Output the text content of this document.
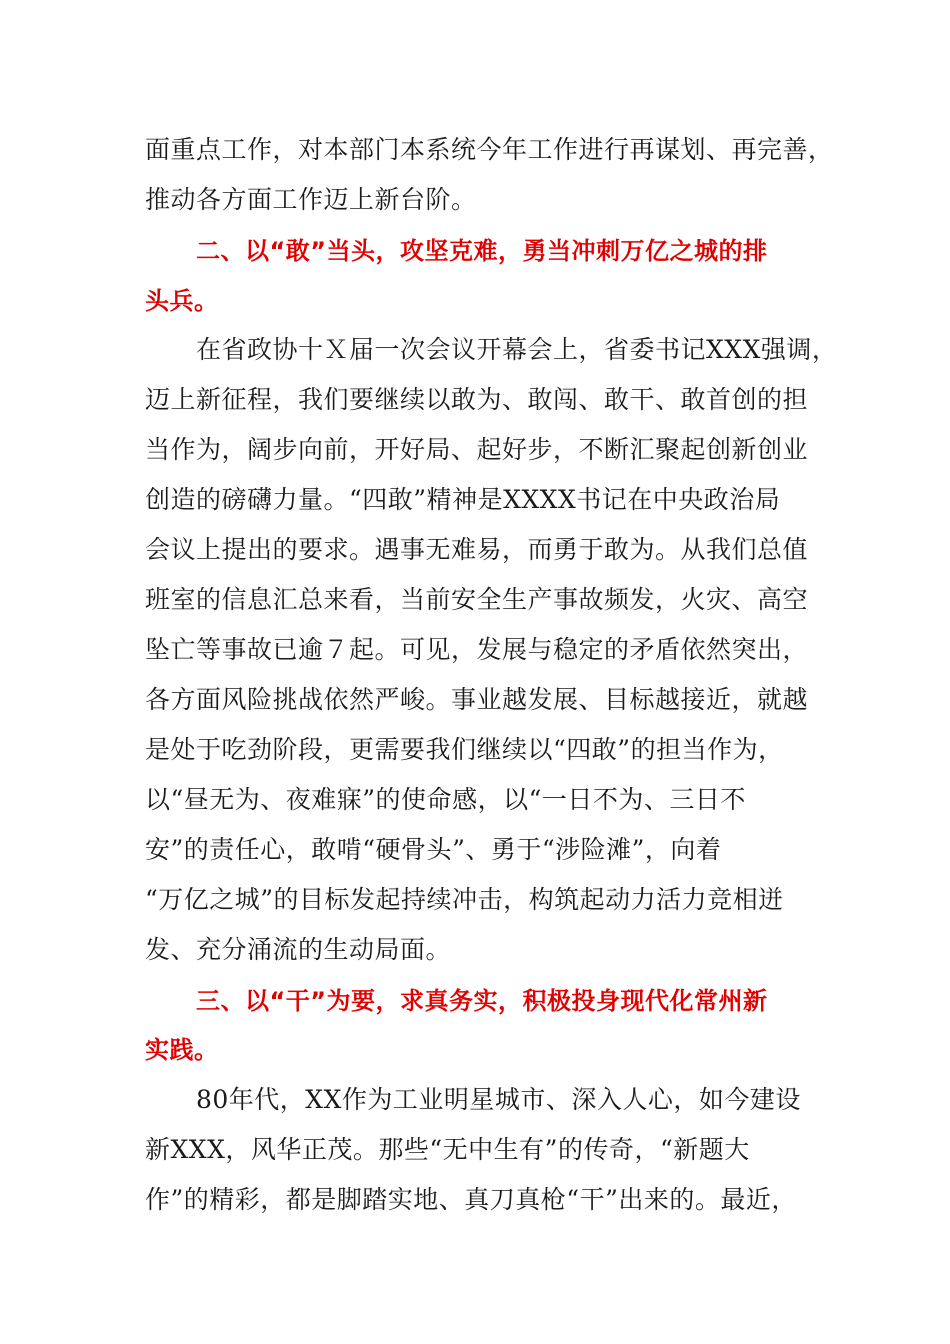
面重点工作，对本部门本系统今年工作进行再谋划、再完善，
推动各方面工作迈上新台阶。
二、以“敢”当头，攻坚克难，勇当冲刺万亿之城的排
头兵。
在省政协十Ｘ届一次会议开幕会上，省委书记XXX强调，
迈上新征程，我们要继续以敢为、敢闯、敢干、敢首创的担
当作为，阔步向前，开好局、起好步，不断汇聚起创新创业
创造的磅礴力量。“四敢”精神是XXXX书记在中央政治局
会议上提出的要求。遇事无难易，而勇于敢为。从我们总值
班室的信息汇总来看，当前安全生产事故频发，火灾、高空
坠亡等事故已逾７起。可见，发展与稳定的矛盾依然突出，
各方面风险挑战依然严峻。事业越发展、目标越接近，就越
是处于吃劲阶段，更需要我们继续以“四敢”的担当作为，
以“昼无为、夜难寐”的使命感，以“一日不为、三日不
安”的责任心，敢啃“硬骨头”、勇于“涉险滩”，向着
“万亿之城”的目标发起持续冲击，构筑起动力活力竞相迸
发、充分涌流的生动局面。
三、以“干”为要，求真务实，积极投身现代化常州新
实践。
80年代，XX作为工业明星城市、深入人心，如今建设
新XXX，风华正茂。那些“无中生有”的传奇，“新题大
作”的精彩，都是脚踏实地、真刀真枪“干”出来的。最近，
